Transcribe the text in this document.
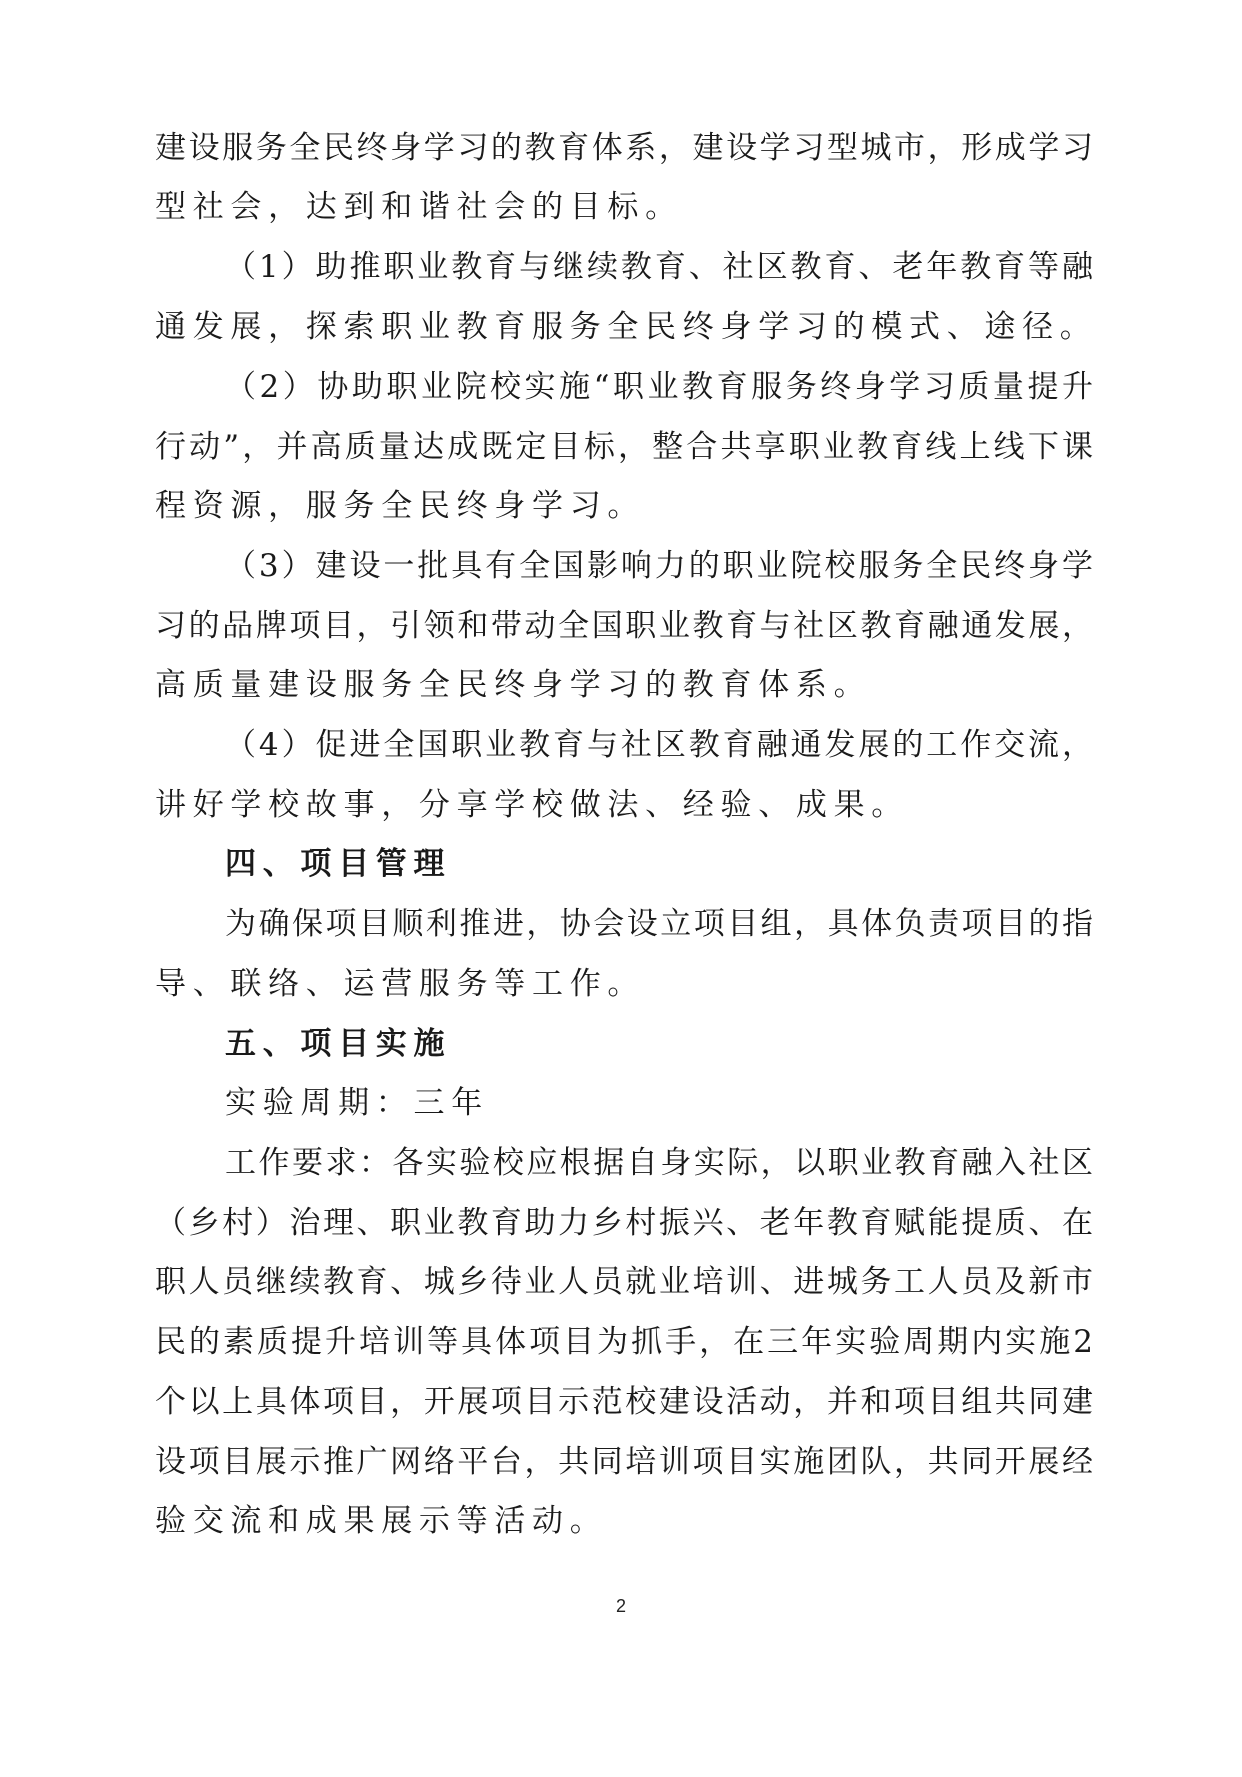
建设服务全民终身学习的教育体系，建设学习型城市，形成学习
型社会，达到和谐社会的目标。
（1）助推职业教育与继续教育、社区教育、老年教育等融
通发展，探索职业教育服务全民终身学习的模式、途径。
（2）协助职业院校实施“职业教育服务终身学习质量提升
行动”，并高质量达成既定目标，整合共享职业教育线上线下课
程资源，服务全民终身学习。
（3）建设一批具有全国影响力的职业院校服务全民终身学
习的品牌项目，引领和带动全国职业教育与社区教育融通发展，
高质量建设服务全民终身学习的教育体系。
（4）促进全国职业教育与社区教育融通发展的工作交流，
讲好学校故事，分享学校做法、经验、成果。
四、项目管理
为确保项目顺利推进，协会设立项目组，具体负责项目的指
导、联络、运营服务等工作。
五、项目实施
实验周期：三年
工作要求：各实验校应根据自身实际，以职业教育融入社区
（乡村）治理、职业教育助力乡村振兴、老年教育赋能提质、在
职人员继续教育、城乡待业人员就业培训、进城务工人员及新市
民的素质提升培训等具体项目为抓手，在三年实验周期内实施2
个以上具体项目，开展项目示范校建设活动，并和项目组共同建
设项目展示推广网络平台，共同培训项目实施团队，共同开展经
验交流和成果展示等活动。
2
